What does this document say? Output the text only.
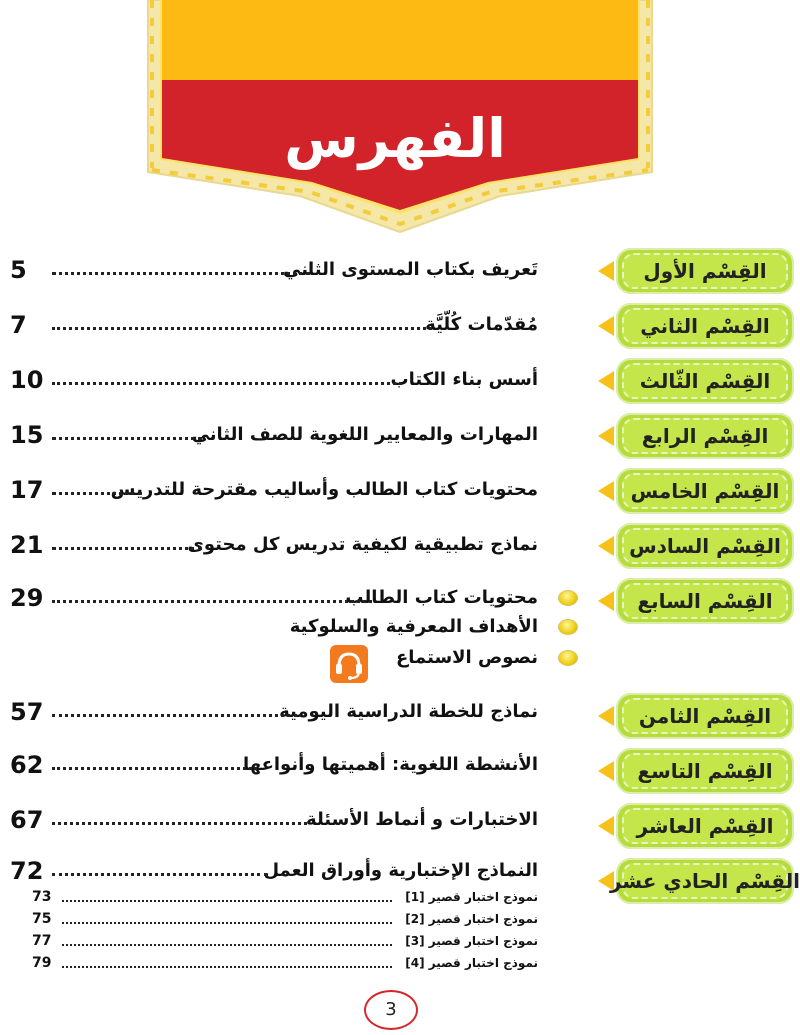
الفهرس
القِسْم الأول
تَعريف بكتاب المستوى الثاني
5
القِسْم الثاني
مُقدّمات كُلّيَّة
7
القِسْم الثّالث
أسس بناء الكتاب
10
القِسْم الرابع
المهارات والمعايير اللغوية للصف الثاني
15
القِسْم الخامس
محتويات كتاب الطالب وأساليب مقترحة للتدريس
17
القِسْم السادس
نماذج تطبيقية لكيفية تدريس كل محتوى
21
القِسْم السابع
محتويات كتاب الطالب
29
الأهداف المعرفية والسلوكية
نصوص الاستماع
القِسْم الثامن
نماذج للخطة الدراسية اليومية
57
القِسْم التاسع
الأنشطة اللغوية: أهميتها وأنواعها
62
القِسْم العاشر
الاختبارات و أنماط الأسئلة
67
القِسْم الحادي عشر
النماذج الإختبارية وأوراق العمل
72
نموذج اختبار قصير [1]
73
نموذج اختبار قصير [2]
75
نموذج اختبار قصير [3]
77
نموذج اختبار قصير [4]
79
3
